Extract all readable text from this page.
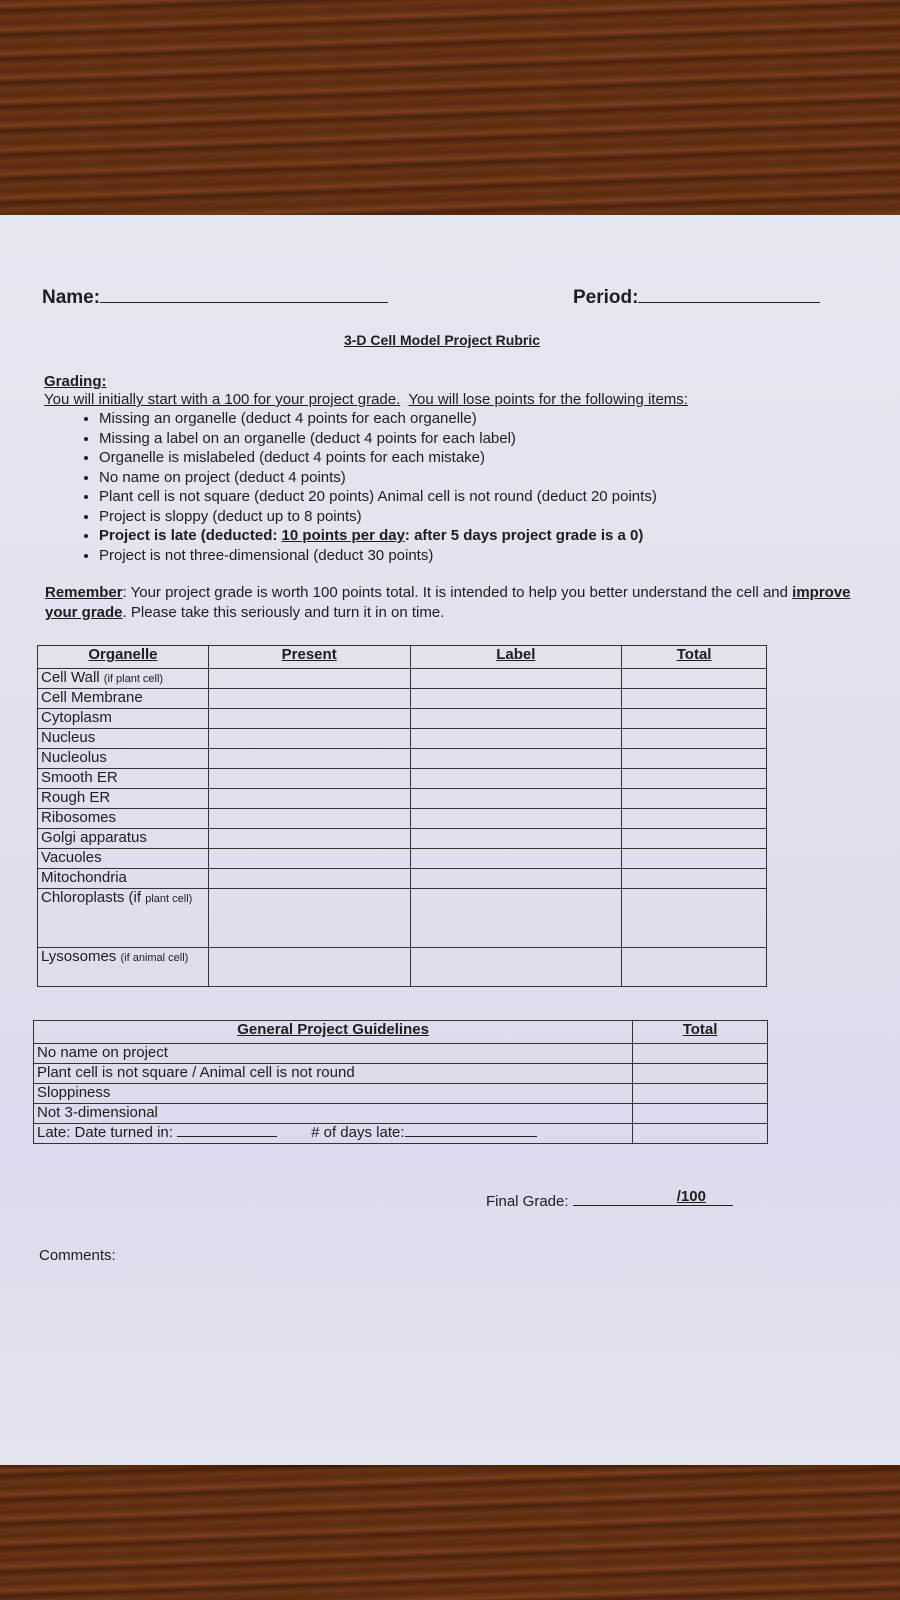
Name:	Period:
3-D Cell Model Project Rubric
Grading:
You will initially start with a 100 for your project grade. You will lose points for the following items:
• Missing an organelle (deduct 4 points for each organelle)
• Missing a label on an organelle (deduct 4 points for each label)
• Organelle is mislabeled (deduct 4 points for each mistake)
• No name on project (deduct 4 points)
• Plant cell is not square (deduct 20 points) Animal cell is not round (deduct 20 points)
• Project is sloppy (deduct up to 8 points)
• Project is late (deducted: 10 points per day: after 5 days project grade is a 0)
• Project is not three-dimensional (deduct 30 points)
Remember: Your project grade is worth 100 points total. It is intended to help you better understand the cell and improve your grade. Please take this seriously and turn it in on time.
Organelle	Present	Label	Total
Cell Wall (if plant cell)			
Cell Membrane			
Cytoplasm			
Nucleus			
Nucleolus			
Smooth ER			
Rough ER			
Ribosomes			
Golgi apparatus			
Vacuoles			
Mitochondria			
Chloroplasts (if plant cell)			
Lysosomes (if animal cell)			
General Project Guidelines	Total
No name on project	
Plant cell is not square / Animal cell is not round	
Sloppiness	
Not 3-dimensional	
Late: Date turned in: # of days late:	
Final Grade:	/100
Comments:
